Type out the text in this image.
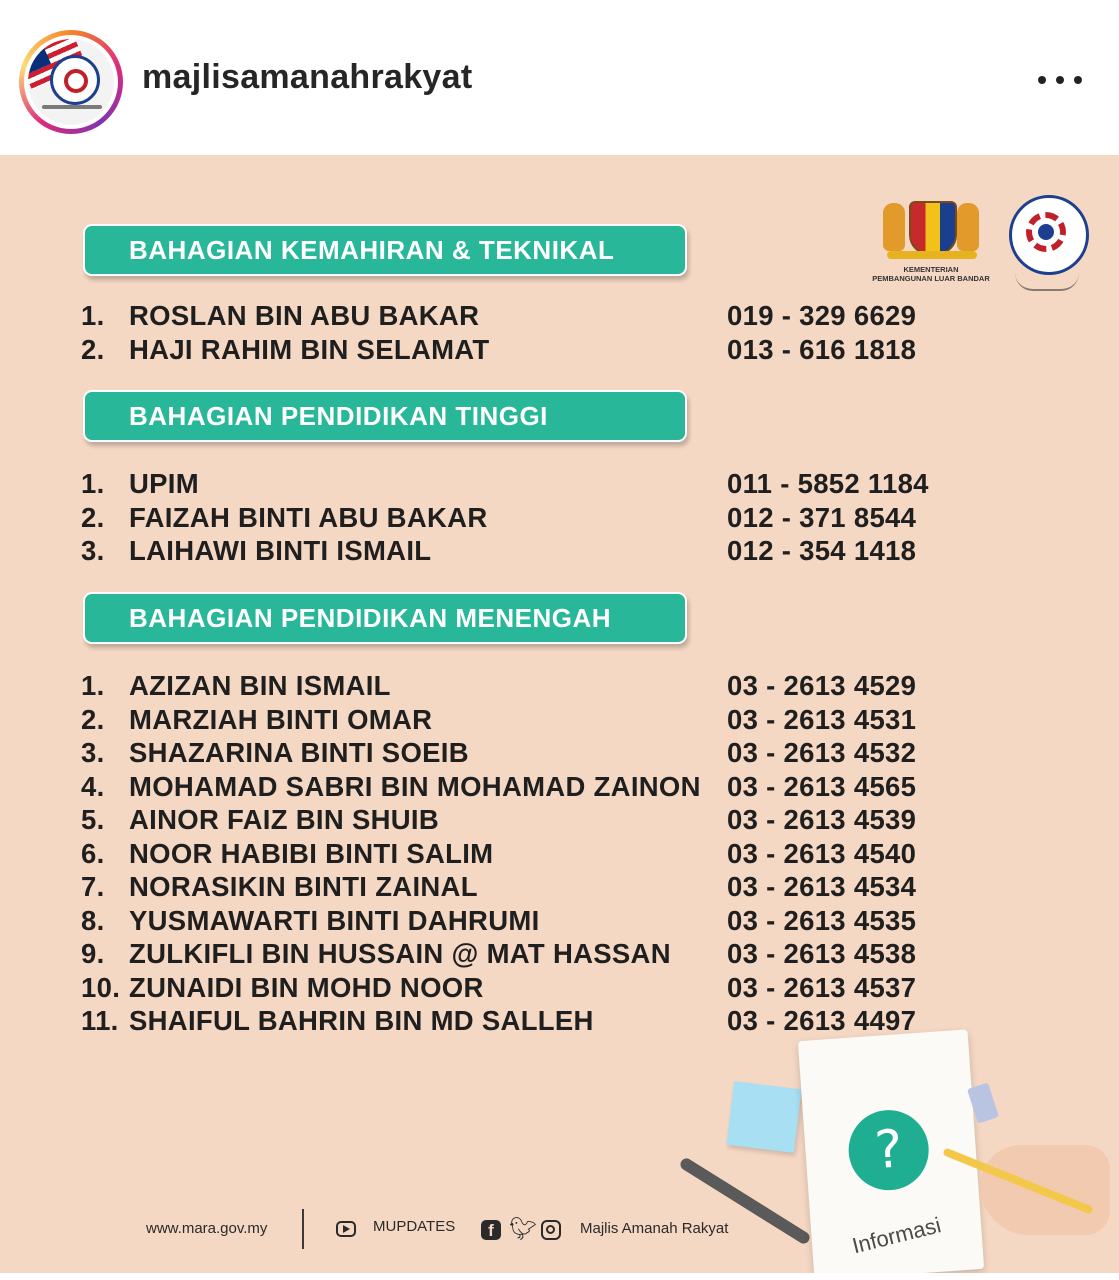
majlisamanahrakyat
KEMENTERIAN
PEMBANGUNAN LUAR BANDAR
BAHAGIAN KEMAHIRAN & TEKNIKAL
1. ROSLAN BIN ABU BAKAR	019 - 329 6629
2. HAJI RAHIM BIN SELAMAT	013 - 616 1818
BAHAGIAN PENDIDIKAN TINGGI
1. UPIM	011 - 5852 1184
2. FAIZAH BINTI ABU BAKAR	012 - 371 8544
3. LAIHAWI BINTI ISMAIL	012 - 354 1418
BAHAGIAN PENDIDIKAN MENENGAH
1. AZIZAN BIN ISMAIL	03 - 2613 4529
2. MARZIAH BINTI OMAR	03 - 2613 4531
3. SHAZARINA BINTI SOEIB	03 - 2613 4532
4. MOHAMAD SABRI BIN MOHAMAD ZAINON 03 - 2613 4565
5. AINOR FAIZ BIN SHUIB	03 - 2613 4539
6. NOOR HABIBI BINTI SALIM	03 - 2613 4540
7. NORASIKIN BINTI ZAINAL	03 - 2613 4534
8. YUSMAWARTI BINTI DAHRUMI	03 - 2613 4535
9. ZULKIFLI BIN HUSSAIN @ MAT HASSAN 03 - 2613 4538
10. ZUNAIDI BIN MOHD NOOR	03 - 2613 4537
11. SHAIFUL BAHRIN BIN MD SALLEH	03 - 2613 4497
?
Informasi
www.mara.gov.my	MUPDATES	f 🐦︎	Majlis Amanah Rakyat
